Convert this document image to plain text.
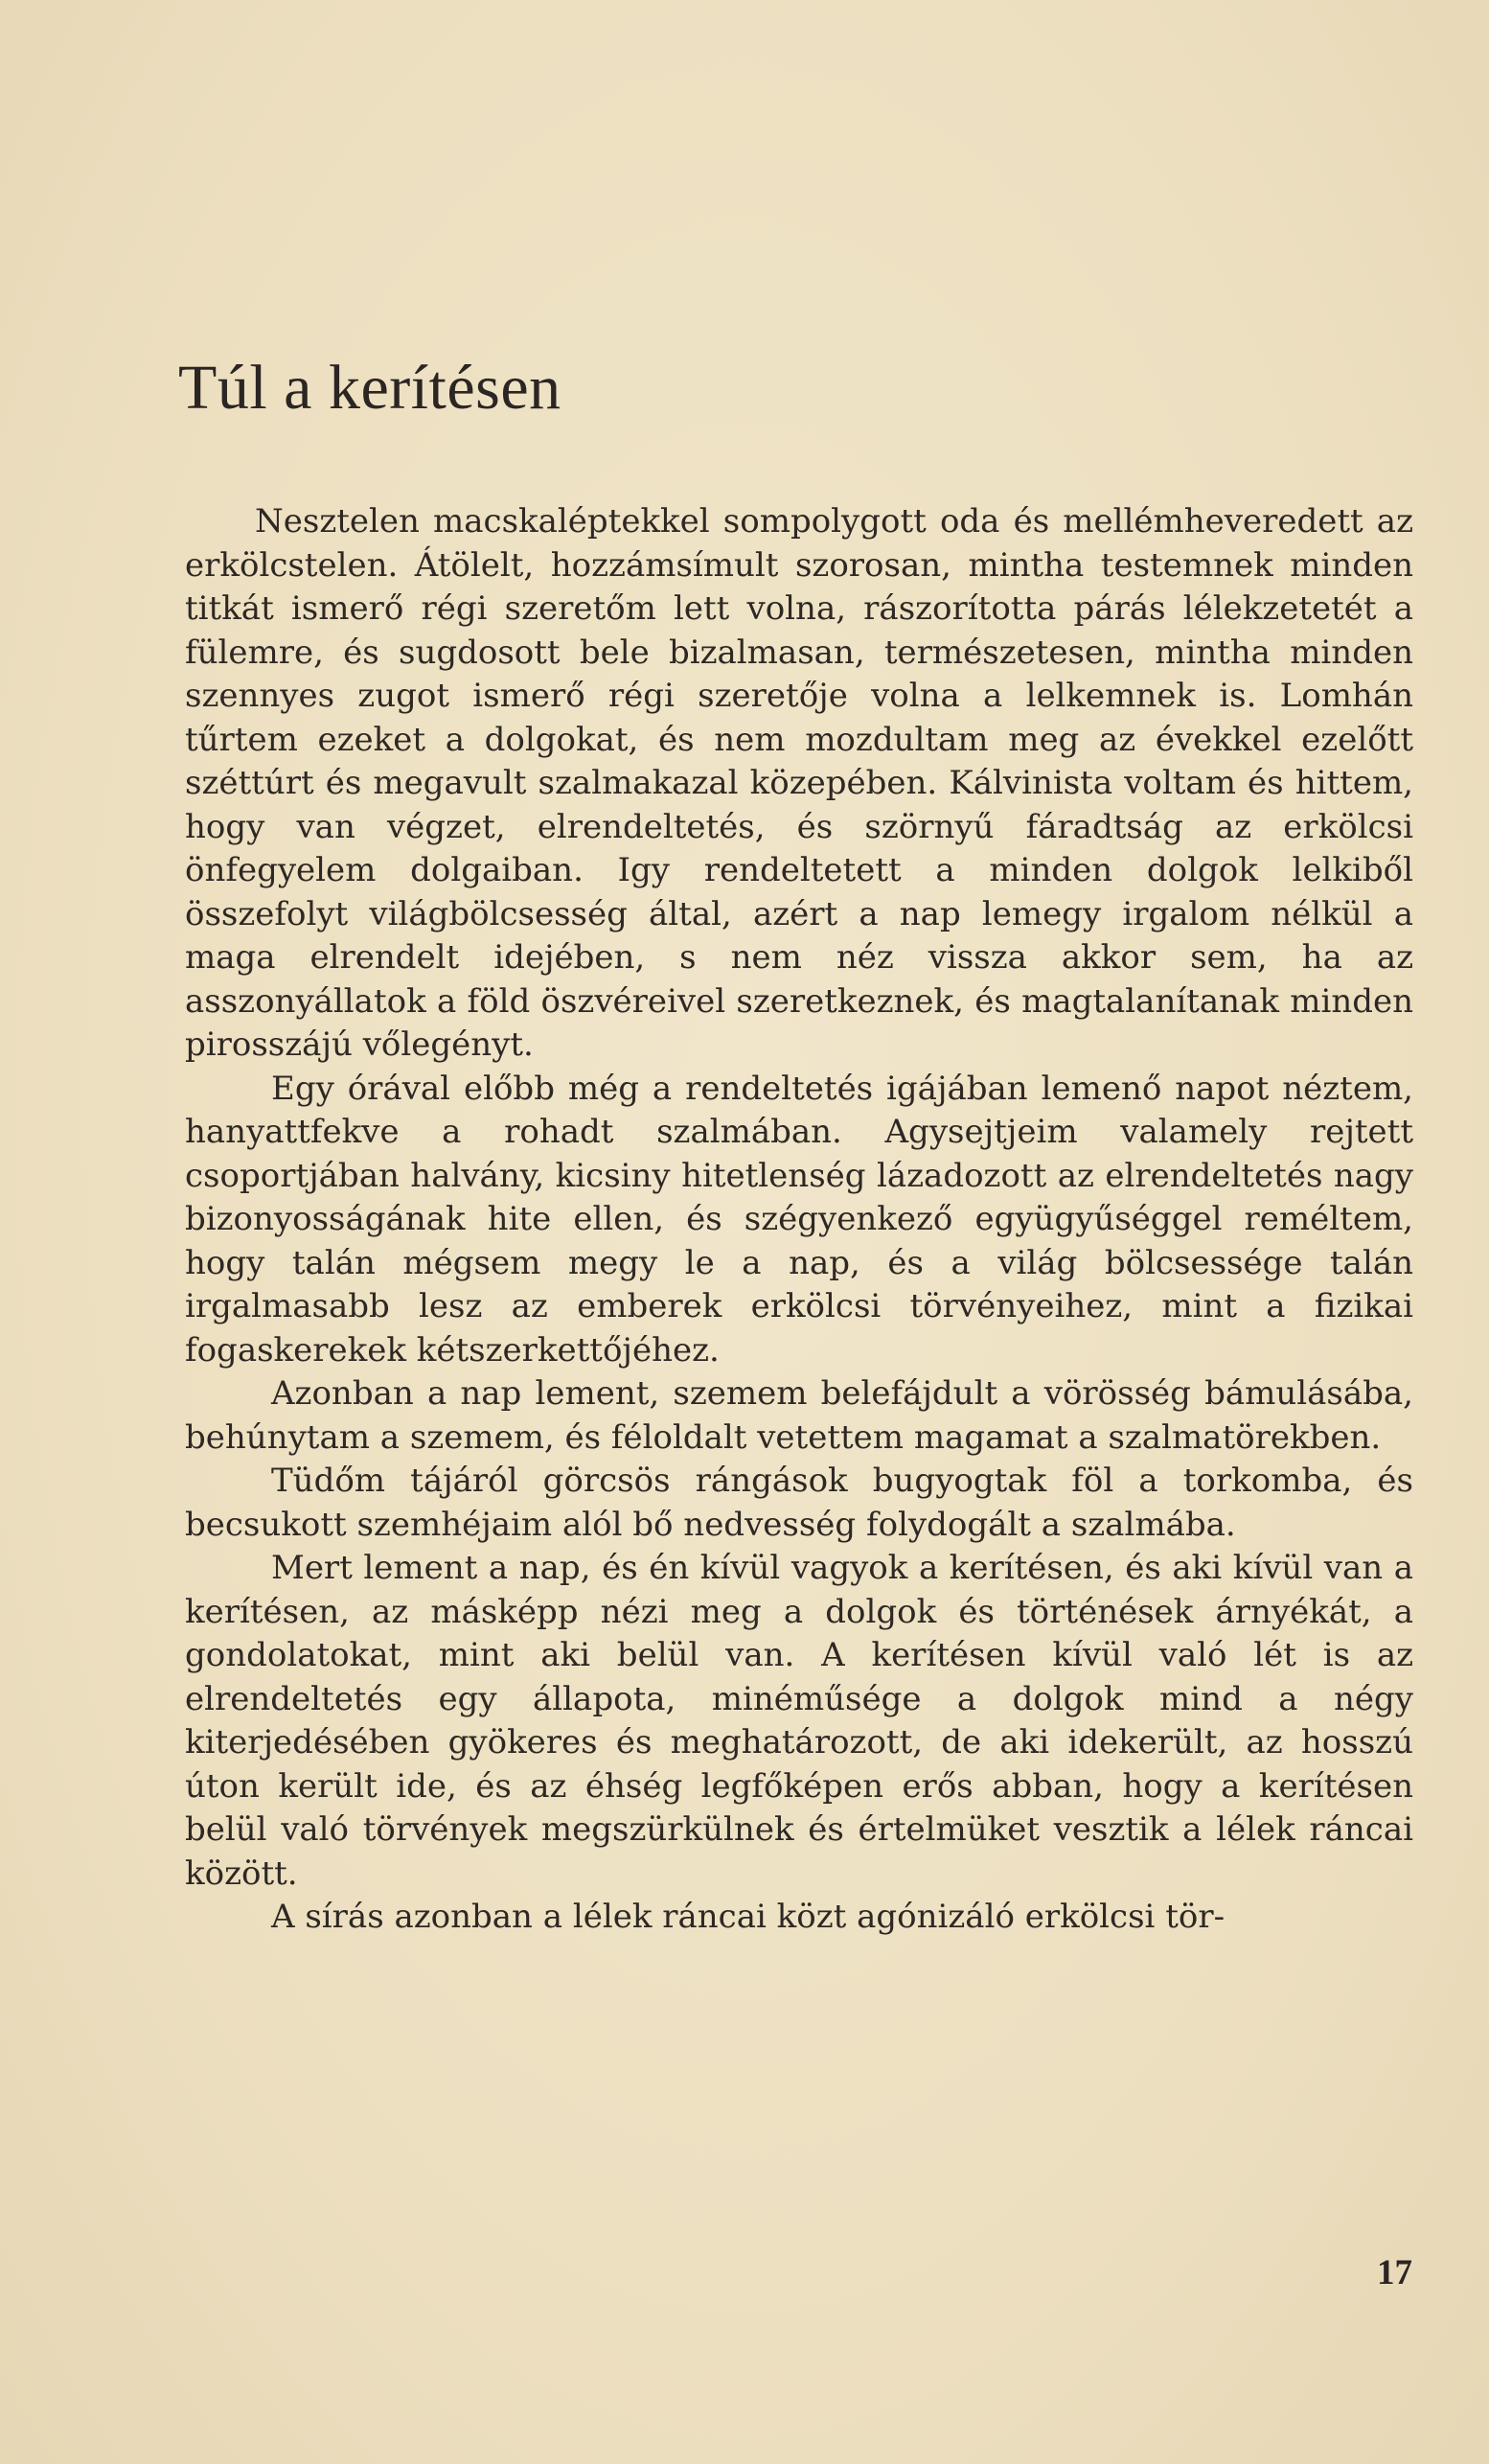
Túl a kerítésen

Nesztelen macskaléptekkel sompolygott oda és mellémheveredett az erkölcstelen. Átölelt, hozzámsímult szorosan, mintha testemnek minden titkát ismerő régi szeretőm lett volna, rászorította párás lélekzetetét a fülemre, és sugdosott bele bizalmasan, természetesen, mintha minden szennyes zugot ismerő régi szeretője volna a lelkemnek is. Lomhán tűrtem ezeket a dolgokat, és nem mozdultam meg az évekkel ezelőtt széttúrt és megavult szalmakazal közepében. Kálvinista voltam és hittem, hogy van végzet, elrendeltetés, és szörnyű fáradtság az erkölcsi önfegyelem dolgaiban. Igy rendeltetett a minden dolgok lelkiből összefolyt világbölcsesség által, azért a nap lemegy irgalom nélkül a maga elrendelt idejében, s nem néz vissza akkor sem, ha az asszonyállatok a föld öszvéreivel szeretkeznek, és magtalanítanak minden pirosszájú vőlegényt.

Egy órával előbb még a rendeltetés igájában lemenő napot néztem, hanyattfekve a rohadt szalmában. Agysejtjeim valamely rejtett csoportjában halvány, kicsiny hitetlenség lázadozott az elrendeltetés nagy bizonyosságának hite ellen, és szégyenkező együgyűséggel reméltem, hogy talán mégsem megy le a nap, és a világ bölcsessége talán irgalmasabb lesz az emberek erkölcsi törvényeihez, mint a fizikai fogaskerekek kétszerkettőjéhez.

Azonban a nap lement, szemem belefájdult a vörösség bámulásába, behúnytam a szemem, és féloldalt vetettem magamat a szalmatörekben.

Tüdőm tájáról görcsös rángások bugyogtak föl a torkomba, és becsukott szemhéjaim alól bő nedvesség folydogált a szalmába.

Mert lement a nap, és én kívül vagyok a kerítésen, és aki kívül van a kerítésen, az másképp nézi meg a dolgok és történések árnyékát, a gondolatokat, mint aki belül van. A kerítésen kívül való lét is az elrendeltetés egy állapota, minéműsége a dolgok mind a négy kiterjedésében gyökeres és meghatározott, de aki idekerült, az hosszú úton került ide, és az éhség legfőképen erős abban, hogy a kerítésen belül való törvények megszürkülnek és értelmüket vesztik a lélek ráncai között.

A sírás azonban a lélek ráncai közt agónizáló erkölcsi tör-

17
